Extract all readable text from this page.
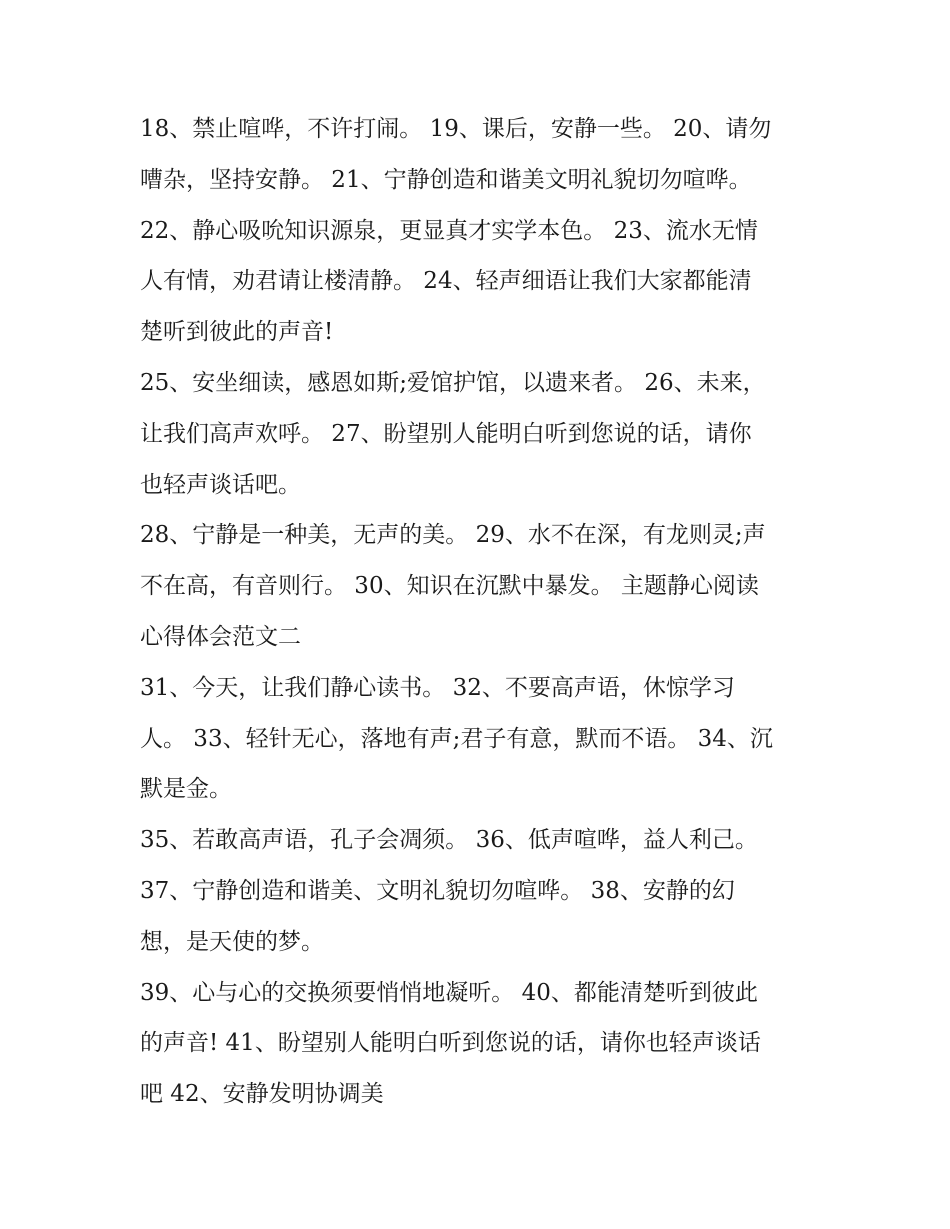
18、禁止喧哗，不许打闹。 19、课后，安静一些。 20、请勿
嘈杂，坚持安静。 21、宁静创造和谐美文明礼貌切勿喧哗。
22、静心吸吮知识源泉，更显真才实学本色。 23、流水无情
人有情，劝君请让楼清静。 24、轻声细语让我们大家都能清
楚听到彼此的声音!
25、安坐细读，感恩如斯;爱馆护馆，以遗来者。 26、未来，
让我们高声欢呼。 27、盼望别人能明白听到您说的话，请你
也轻声谈话吧。
28、宁静是一种美，无声的美。 29、水不在深，有龙则灵;声
不在高，有音则行。 30、知识在沉默中暴发。 主题静心阅读
心得体会范文二
31、今天，让我们静心读书。 32、不要高声语，休惊学习
人。 33、轻针无心，落地有声;君子有意，默而不语。 34、沉
默是金。
35、若敢高声语，孔子会凋须。 36、低声喧哗，益人利己。
37、宁静创造和谐美、文明礼貌切勿喧哗。 38、安静的幻
想，是天使的梦。
39、心与心的交换须要悄悄地凝听。 40、都能清楚听到彼此
的声音! 41、盼望别人能明白听到您说的话，请你也轻声谈话
吧 42、安静发明协调美
